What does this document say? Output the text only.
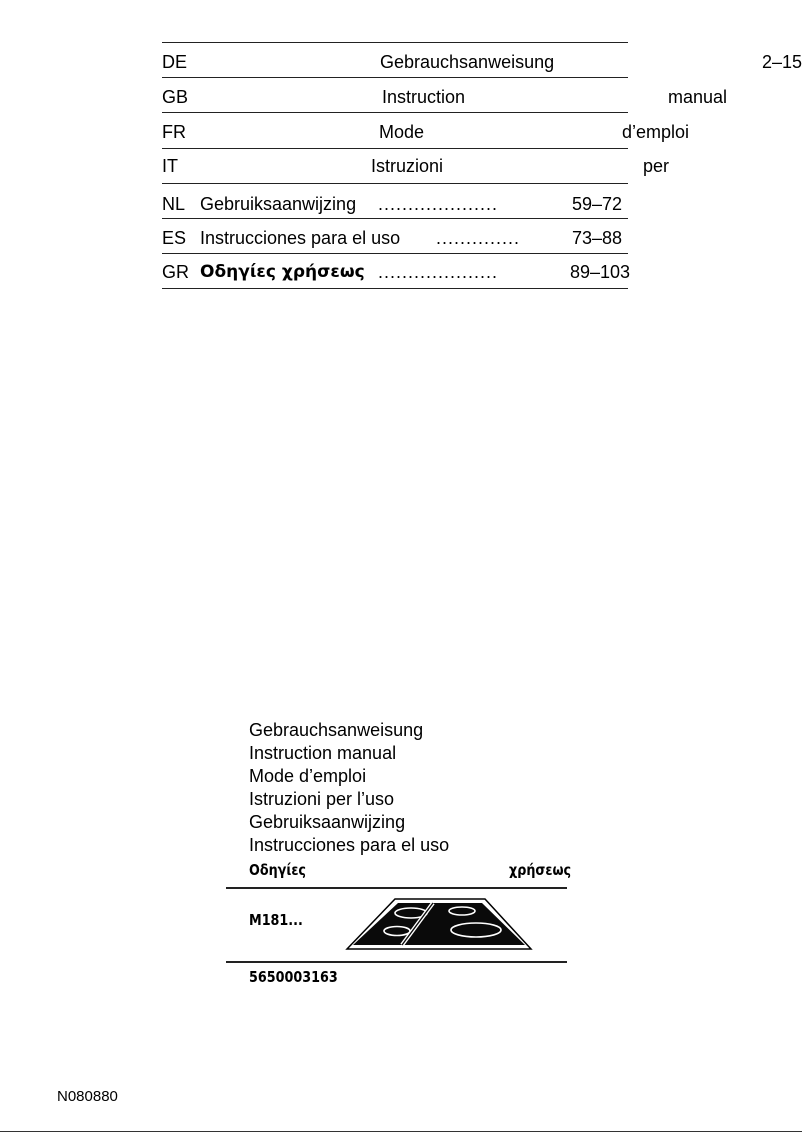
DE	Gebrauchsanweisung	2–15
GB	Instruction	manual
FR	Mode	d’emploi
IT	Istruzioni	per
NL Gebruiksaanwijzing ....................	59–72
ES Instrucciones para el uso ..............	73–88
GR Οδηγίες χρήσεως ....................	89–103
Gebrauchsanweisung
Instruction manual
Mode d’emploi
Istruzioni per l’uso
Gebruiksaanwijzing
Instrucciones para el uso
Οδηγίες	χρήσεως
M181...
5650003163
N080880
